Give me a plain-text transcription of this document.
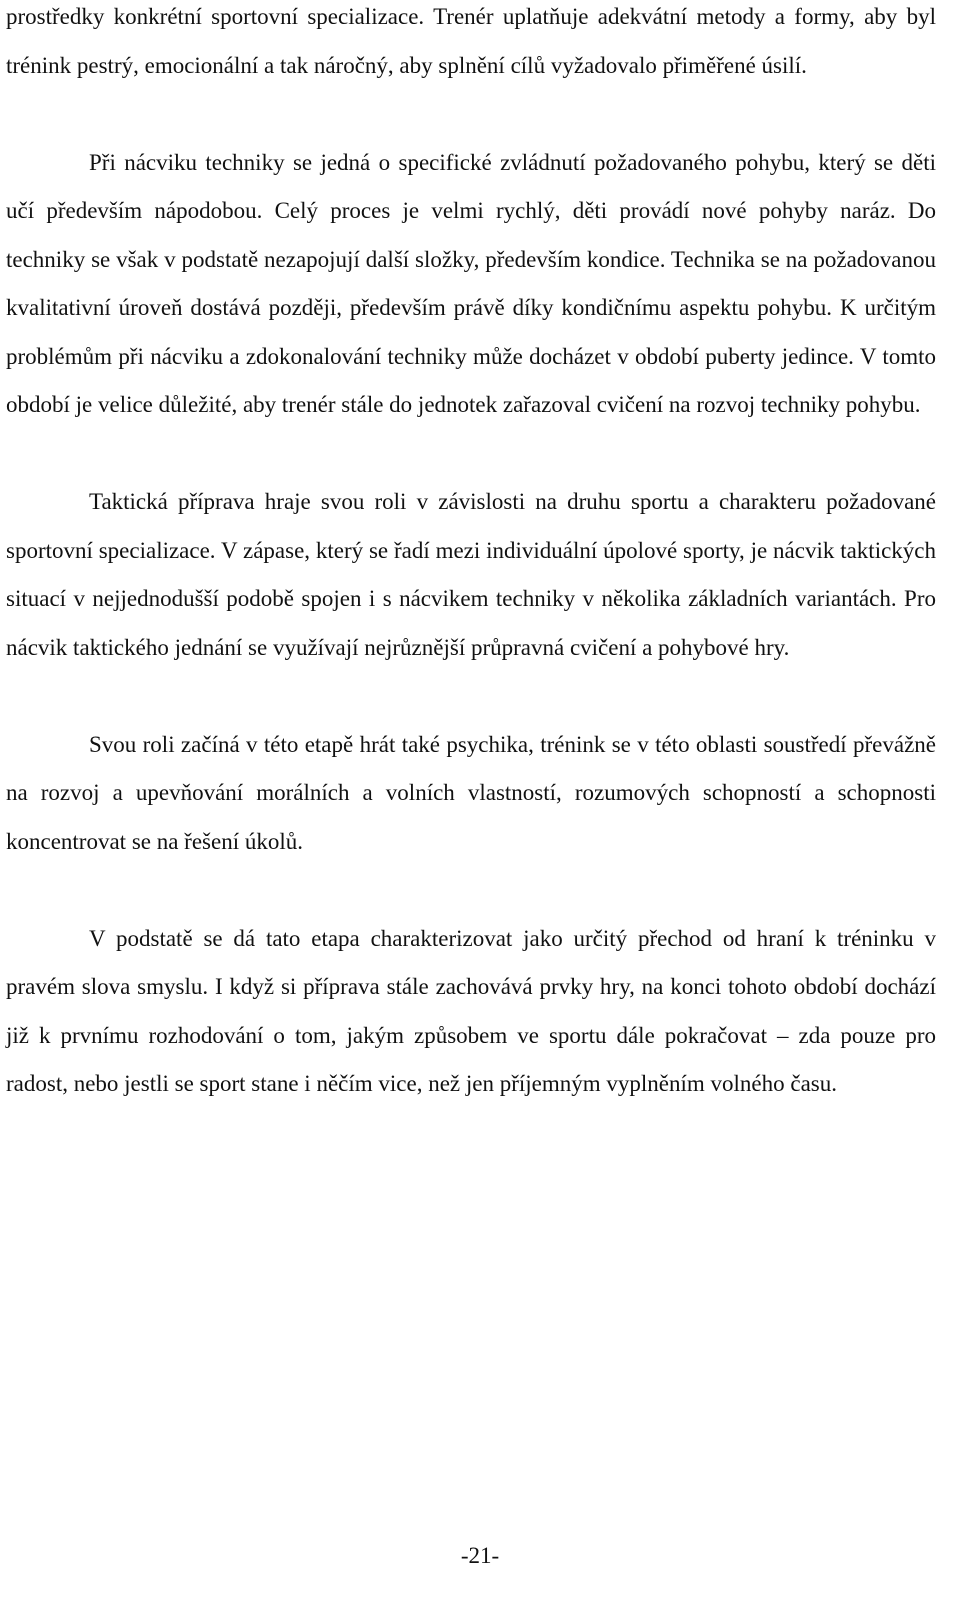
prostředky konkrétní sportovní specializace. Trenér uplatňuje adekvátní metody a formy, aby byl trénink pestrý, emocionální a tak náročný, aby splnění cílů vyžadovalo přiměřené úsilí.

Při nácviku techniky se jedná o specifické zvládnutí požadovaného pohybu, který se děti učí především nápodobou. Celý proces je velmi rychlý, děti provádí nové pohyby naráz. Do techniky se však v podstatě nezapojují další složky, především kondice. Technika se na požadovanou kvalitativní úroveň dostává později, především právě díky kondičnímu aspektu pohybu. K určitým problémům při nácviku a zdokonalování techniky může docházet v období puberty jedince. V tomto období je velice důležité, aby trenér stále do jednotek zařazoval cvičení na rozvoj techniky pohybu.

Taktická příprava hraje svou roli v závislosti na druhu sportu a charakteru požadované sportovní specializace. V zápase, který se řadí mezi individuální úpolové sporty, je nácvik taktických situací v nejjednodušší podobě spojen i s nácvikem techniky v několika základních variantách. Pro nácvik taktického jednání se využívají nejrůznější průpravná cvičení a pohybové hry.

Svou roli začíná v této etapě hrát také psychika, trénink se v této oblasti soustředí převážně na rozvoj a upevňování morálních a volních vlastností, rozumových schopností a schopnosti koncentrovat se na řešení úkolů.

V podstatě se dá tato etapa charakterizovat jako určitý přechod od hraní k tréninku v pravém slova smyslu. I když si příprava stále zachovává prvky hry, na konci tohoto období dochází již k prvnímu rozhodování o tom, jakým způsobem ve sportu dále pokračovat – zda pouze pro radost, nebo jestli se sport stane i něčím vice, než jen příjemným vyplněním volného času.

-21-
